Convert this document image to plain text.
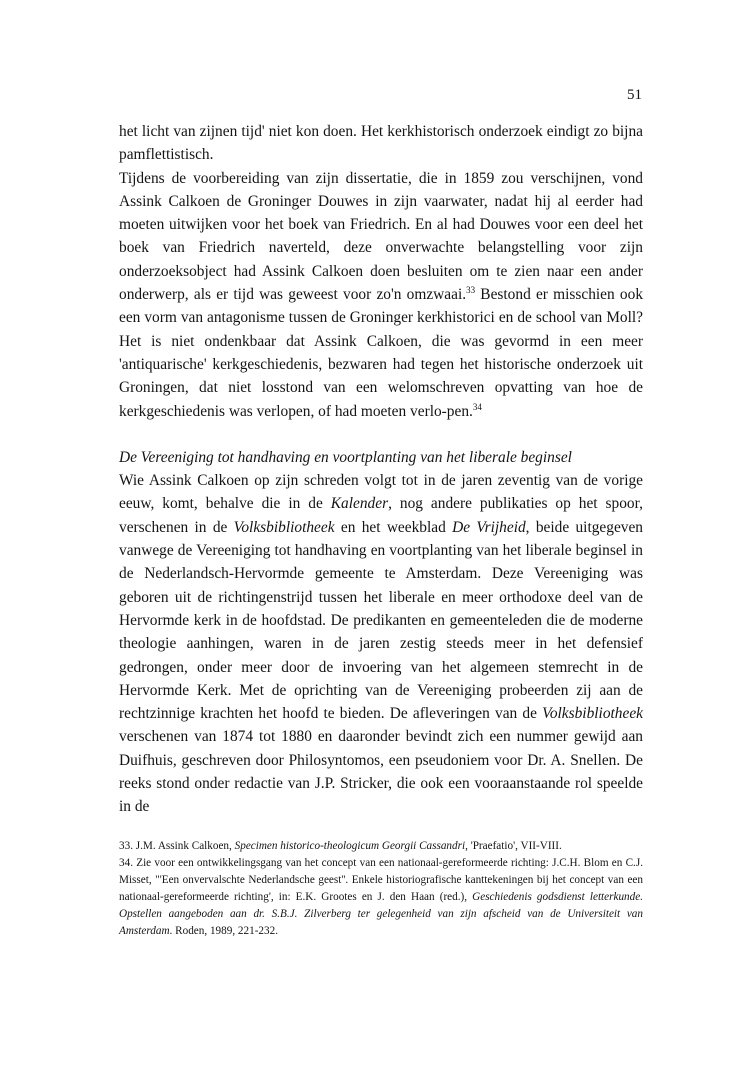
51

het licht van zijnen tijd' niet kon doen. Het kerkhistorisch onderzoek eindigt zo bijna pamflettistisch.

Tijdens de voorbereiding van zijn dissertatie, die in 1859 zou verschijnen, vond Assink Calkoen de Groninger Douwes in zijn vaarwater, nadat hij al eerder had moeten uitwijken voor het boek van Friedrich. En al had Douwes voor een deel het boek van Friedrich naverteld, deze onverwachte belangstelling voor zijn onderzoeksobject had Assink Calkoen doen besluiten om te zien naar een ander onderwerp, als er tijd was geweest voor zo'n omzwaai.$^{33}$ Bestond er misschien ook een vorm van antagonisme tussen de Groninger kerkhistorici en de school van Moll? Het is niet ondenkbaar dat Assink Calkoen, die was gevormd in een meer 'antiquarische' kerkgeschiedenis, bezwaren had tegen het historische onderzoek uit Groningen, dat niet losstond van een welomschreven opvatting van hoe de kerkgeschiedenis was verlopen, of had moeten verlo-pen.$^{34}$

De Vereeniging tot handhaving en voortplanting van het liberale beginsel

Wie Assink Calkoen op zijn schreden volgt tot in de jaren zeventig van de vorige eeuw, komt, behalve die in de Kalender, nog andere publikaties op het spoor, verschenen in de Volksbibliotheek en het weekblad De Vrijheid, beide uitgegeven vanwege de Vereeniging tot handhaving en voortplanting van het liberale beginsel in de Nederlandsch-Hervormde gemeente te Amsterdam. Deze Vereeniging was geboren uit de richtingenstrijd tussen het liberale en meer orthodoxe deel van de Hervormde kerk in de hoofdstad. De predikanten en gemeenteleden die de moderne theologie aanhingen, waren in de jaren zestig steeds meer in het defensief gedrongen, onder meer door de invoering van het algemeen stemrecht in de Hervormde Kerk. Met de oprichting van de Vereeniging probeerden zij aan de rechtzinnige krachten het hoofd te bieden. De afleveringen van de Volksbibliotheek verschenen van 1874 tot 1880 en daaronder bevindt zich een nummer gewijd aan Duifhuis, geschreven door Philosyntomos, een pseudoniem voor Dr. A. Snellen. De reeks stond onder redactie van J.P. Stricker, die ook een vooraanstaande rol speelde in de

33. J.M. Assink Calkoen, Specimen historico-theologicum Georgii Cassandri, 'Praefatio', VII-VIII.

34. Zie voor een ontwikkelingsgang van het concept van een nationaal-gereformeerde richting: J.C.H. Blom en C.J. Misset, "'Een onvervalschte Nederlandsche geest''. Enkele historiografische kanttekeningen bij het concept van een nationaal-gereformeerde richting', in: E.K. Grootes en J. den Haan (red.), Geschiedenis godsdienst letterkunde. Opstellen aangeboden aan dr. S.B.J. Zilverberg ter gelegenheid van zijn afscheid van de Universiteit van Amsterdam. Roden, 1989, 221-232.
